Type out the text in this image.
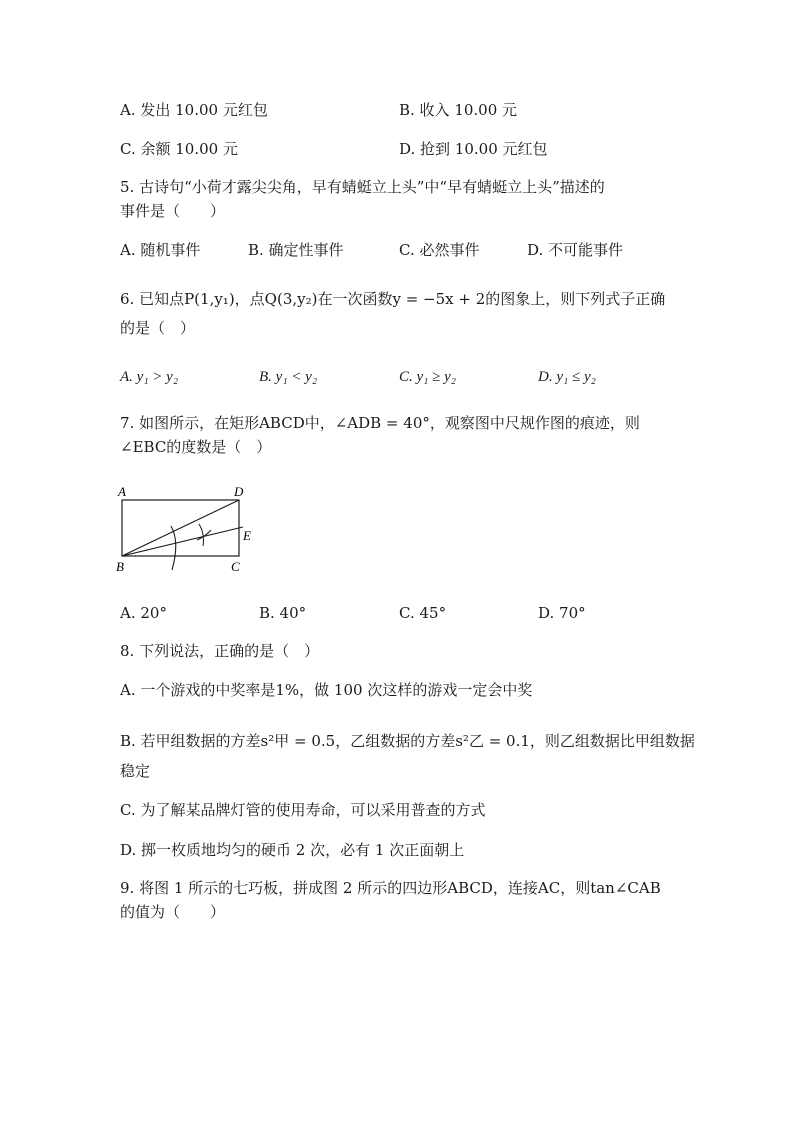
A. 发出 10.00 元红包	B. 收入 10.00 元
C. 余额 10.00 元	D. 抢到 10.00 元红包
5. 古诗句“小荷才露尖尖角，早有蜻蜓立上头”中“早有蜻蜓立上头”描述的
事件是（　　）
A. 随机事件	B. 确定性事件	C. 必然事件	D. 不可能事件
6. 已知点P(1,y₁)，点Q(3,y₂)在一次函数y = −5x + 2的图象上，则下列式子正确
的是（　）
A. y₁ > y₂	B. y₁ < y₂	C. y₁ ≥ y₂	D. y₁ ≤ y₂
7. 如图所示，在矩形ABCD中，∠ADB = 40°，观察图中尺规作图的痕迹，则
∠EBC的度数是（　）
A	D
E
B	C
A. 20°	B. 40°	C. 45°	D. 70°
8. 下列说法，正确的是（　）
A. 一个游戏的中奖率是1%，做 100 次这样的游戏一定会中奖
B. 若甲组数据的方差s²甲 = 0.5，乙组数据的方差s²乙 = 0.1，则乙组数据比甲组数据
稳定
C. 为了解某品牌灯管的使用寿命，可以采用普查的方式
D. 掷一枚质地均匀的硬币 2 次，必有 1 次正面朝上
9. 将图 1 所示的七巧板，拼成图 2 所示的四边形ABCD，连接AC，则tan∠CAB
的值为（　　）
